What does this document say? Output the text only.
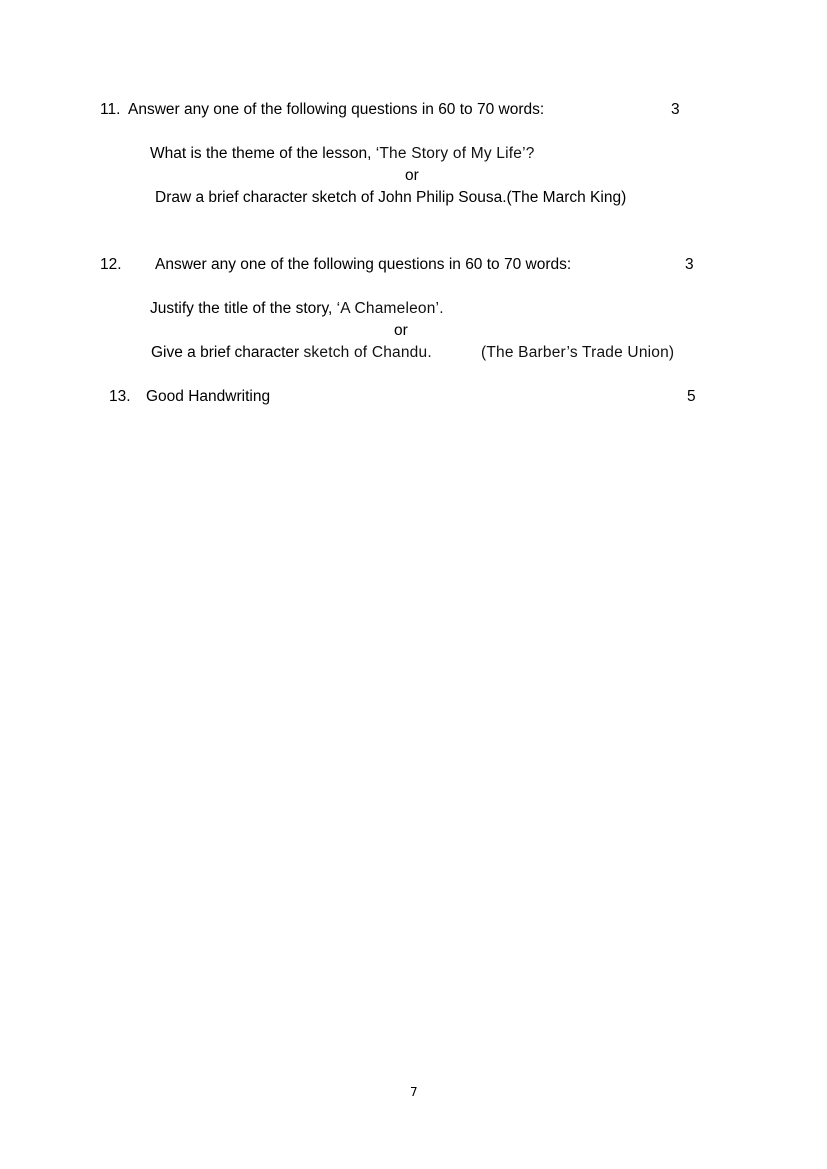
11. Answer any one of the following questions in 60 to 70 words:	3
What is the theme of the lesson, ‘The Story of My Life’?
or
Draw a brief character sketch of John Philip Sousa.(The March King)
12. Answer any one of the following questions in 60 to 70 words:	3
Justify the title of the story, ‘A Chameleon’.
or
Give a brief character sketch of Chandu.	(The Barber’s Trade Union)
13. Good Handwriting	5
7
